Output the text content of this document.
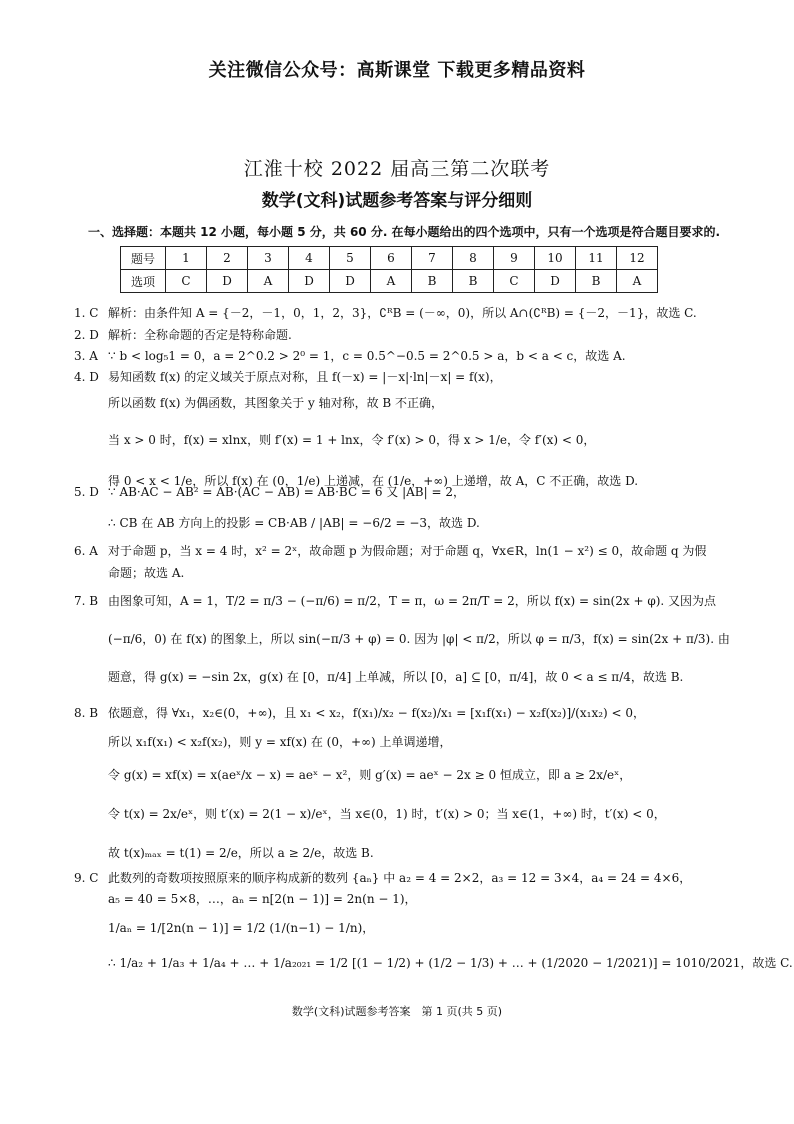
关注微信公众号：高斯课堂 下载更多精品资料
江淮十校 2022 届高三第二次联考
数学(文科)试题参考答案与评分细则
一、选择题：本题共 12 小题，每小题 5 分，共 60 分. 在每小题给出的四个选项中，只有一个选项是符合题目要求的.
题号	1	2	3	4	5	6	7	8	9	10	11	12
选项	C	D	A	D	D	A	B	B	C	D	B	A
1. C 解析：由条件知 A = {－2，－1，0，1，2，3}，∁ᴿB = (－∞，0)，所以 A∩(∁ᴿB) = {－2，－1}，故选 C.

2. D 解析：全称命题的否定是特称命题.

3. A ∵ b < log₅1 = 0，a = 2^0.2 > 2⁰ = 1，c = 0.5^−0.5 = 2^0.5 > a，b < a < c，故选 A.

4. D 易知函数 f(x) 的定义域关于原点对称，且 f(－x) = |－x|·ln|－x| = f(x)，

所以函数 f(x) 为偶函数，其图象关于 y 轴对称，故 B 不正确，

当 x > 0 时，f(x) = xlnx，则 f′(x) = 1 + lnx，令 f′(x) > 0，得 x > 1/e，令 f′(x) < 0，

得 0 < x < 1/e，所以 f(x) 在 (0，1/e) 上递减，在 (1/e，+∞) 上递增，故 A，C 不正确，故选 D.

5. D ∵ AB·AC − AB² = AB·(AC − AB) = AB·BC = 6 又 |AB| = 2，

∴ CB 在 AB 方向上的投影 = CB·AB / |AB| = −6/2 = −3，故选 D.

6. A 对于命题 p，当 x = 4 时，x² = 2ˣ，故命题 p 为假命题；对于命题 q，∀x∈R，ln(1 − x²) ≤ 0，故命题 q 为假

命题；故选 A.

7. B 由图象可知，A = 1，T/2 = π/3 − (−π/6) = π/2，T = π，ω = 2π/T = 2，所以 f(x) = sin(2x + φ). 又因为点

(−π/6，0) 在 f(x) 的图象上，所以 sin(−π/3 + φ) = 0. 因为 |φ| < π/2，所以 φ = π/3，f(x) = sin(2x + π/3). 由

题意，得 g(x) = −sin 2x，g(x) 在 [0，π/4] 上单减，所以 [0，a] ⊆ [0，π/4]，故 0 < a ≤ π/4，故选 B.

8. B 依题意，得 ∀x₁，x₂∈(0，+∞)，且 x₁ < x₂，f(x₁)/x₂ − f(x₂)/x₁ = [x₁f(x₁) − x₂f(x₂)]/(x₁x₂) < 0，

所以 x₁f(x₁) < x₂f(x₂)，则 y = xf(x) 在 (0，+∞) 上单调递增，

令 g(x) = xf(x) = x(aeˣ/x − x) = aeˣ − x²，则 g′(x) = aeˣ − 2x ≥ 0 恒成立，即 a ≥ 2x/eˣ，

令 t(x) = 2x/eˣ，则 t′(x) = 2(1 − x)/eˣ，当 x∈(0，1) 时，t′(x) > 0；当 x∈(1，+∞) 时，t′(x) < 0，

故 t(x)ₘₐₓ = t(1) = 2/e，所以 a ≥ 2/e，故选 B.

9. C 此数列的奇数项按照原来的顺序构成新的数列 {aₙ} 中 a₂ = 4 = 2×2，a₃ = 12 = 3×4，a₄ = 24 = 4×6，

a₅ = 40 = 5×8，…，aₙ = n[2(n − 1)] = 2n(n − 1)，

1/aₙ = 1/[2n(n − 1)] = 1/2 (1/(n−1) − 1/n)，

∴ 1/a₂ + 1/a₃ + 1/a₄ + … + 1/a₂₀₂₁ = 1/2 [(1 − 1/2) + (1/2 − 1/3) + … + (1/2020 − 1/2021)] = 1010/2021，故选 C.

数学(文科)试题参考答案　第 1 页(共 5 页)
